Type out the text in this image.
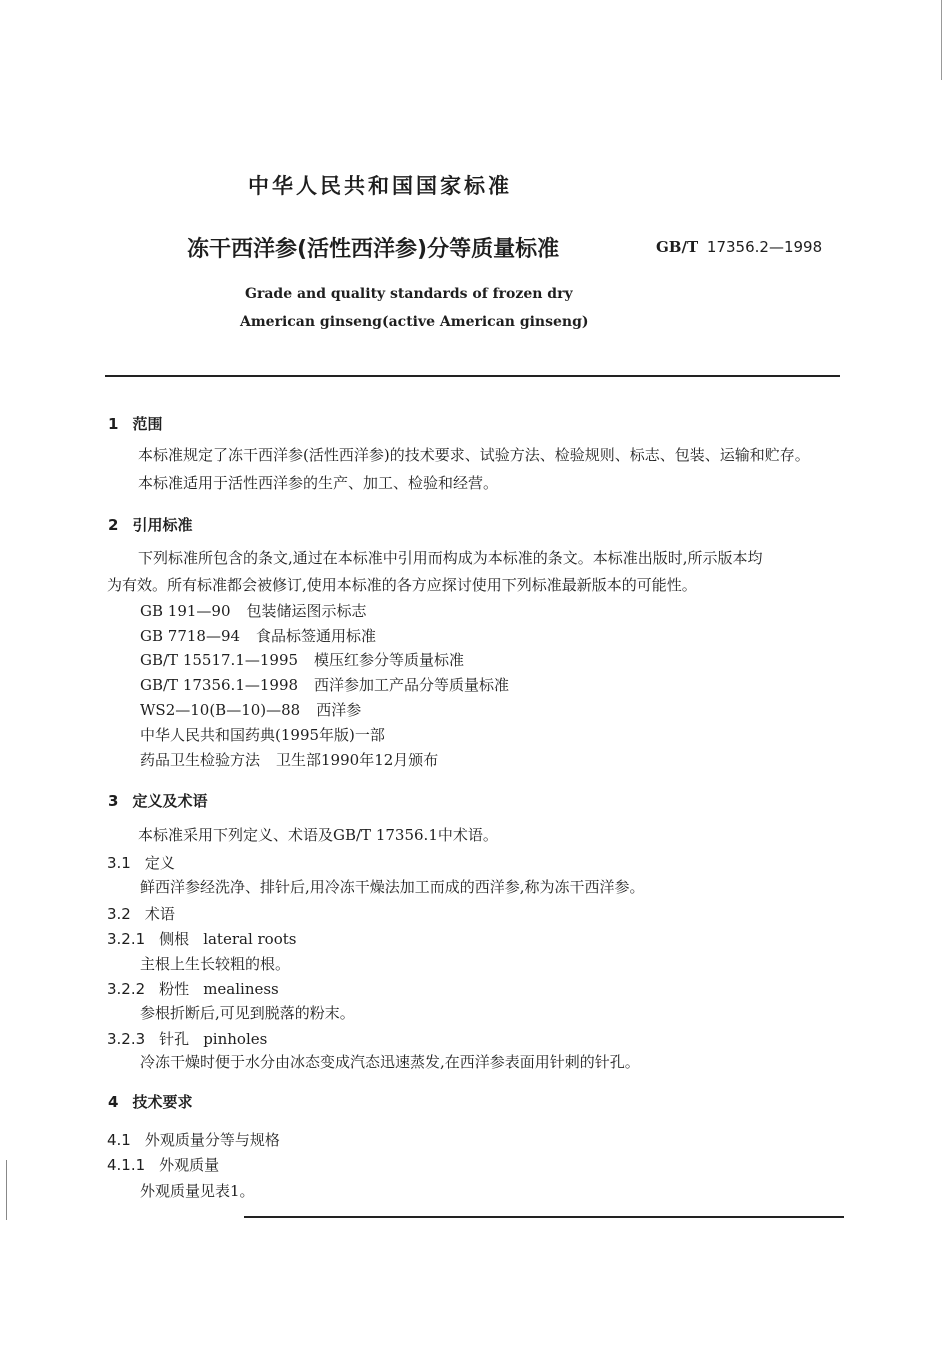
中华人民共和国国家标准
冻干西洋参(活性西洋参)分等质量标准	GB/T 17356.2—1998
Grade and quality standards of frozen dry
American ginseng(active American ginseng)
1 范围
本标准规定了冻干西洋参(活性西洋参)的技术要求、试验方法、检验规则、标志、包装、运输和贮存。
本标准适用于活性西洋参的生产、加工、检验和经营。
2 引用标准
下列标准所包含的条文,通过在本标准中引用而构成为本标准的条文。本标准出版时,所示版本均
为有效。所有标准都会被修订,使用本标准的各方应探讨使用下列标准最新版本的可能性。
GB 191—90 包装储运图示标志
GB 7718—94 食品标签通用标准
GB/T 15517.1—1995 模压红参分等质量标准
GB/T 17356.1—1998 西洋参加工产品分等质量标准
WS2—10(B—10)—88 西洋参
中华人民共和国药典(1995年版)一部
药品卫生检验方法 卫生部1990年12月颁布
3 定义及术语
本标准采用下列定义、术语及GB/T 17356.1中术语。
3.1 定义
鲜西洋参经洗净、排针后,用冷冻干燥法加工而成的西洋参,称为冻干西洋参。
3.2 术语
3.2.1 侧根 lateral roots
主根上生长较粗的根。
3.2.2 粉性 mealiness
参根折断后,可见到脱落的粉末。
3.2.3 针孔 pinholes
冷冻干燥时便于水分由冰态变成汽态迅速蒸发,在西洋参表面用针刺的针孔。
4 技术要求
4.1 外观质量分等与规格
4.1.1 外观质量
外观质量见表1。
